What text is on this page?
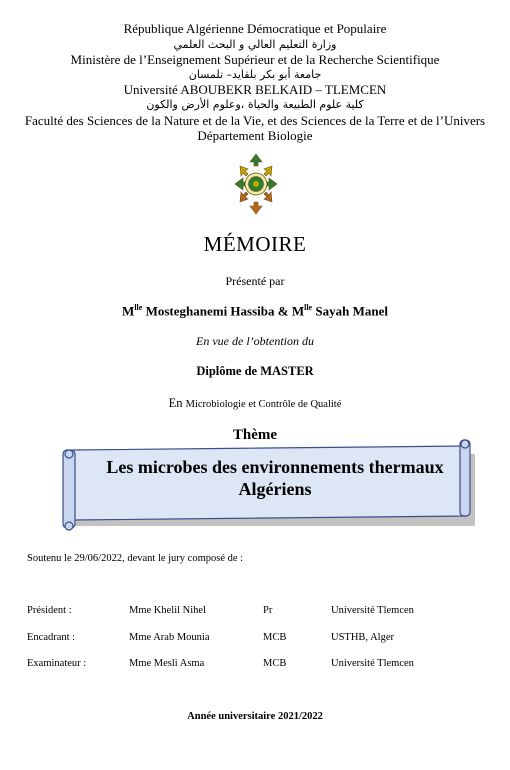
République Algérienne Démocratique et Populaire
وزارة التعليم العالي و البحث العلمي
Ministère de l’Enseignement Supérieur et de la Recherche Scientifique
جامعة أبو بكر بلقايد– تلمسان
Université ABOUBEKR BELKAID – TLEMCEN
كلية علوم الطبيعة والحياة ،وعلوم الأرض والكون
Faculté des Sciences de la Nature et de la Vie, et des Sciences de la Terre et de l’Univers
Département Biologie
MÉMOIRE
Présenté par
$M^{lle}$ Mosteghanemi Hassiba & $M^{lle}$ Sayah Manel
En vue de l’obtention du
Diplôme de MASTER
En Microbiologie et Contrôle de Qualité
Thème
Les microbes des environnements thermaux
Algériens
Soutenu le 29/06/2022, devant le jury composé de :
Président :	Mme Khelil Nihel	Pr	Université Tlemcen
Encadrant :	Mme Arab Mounia	MCB	USTHB, Alger
Examinateur :	Mme Mesli Asma	MCB	Université Tlemcen
Année universitaire 2021/2022
